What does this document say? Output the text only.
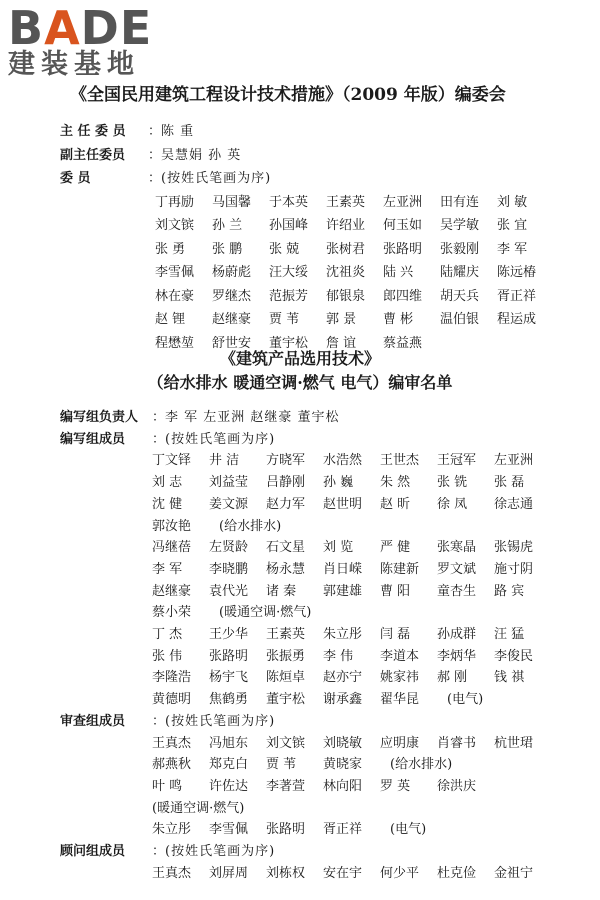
BADE
建装基地
《全国民用建筑工程设计技术措施》（2009 年版）编委会
主 任 委 员	： 陈 重
副主任委员	： 吴慧娟 孙 英
委 员	： (按姓氏笔画为序)
丁再励	马国馨	于本英	王素英	左亚洲	田有连	刘 敏
刘文镔	孙 兰	孙国峰	许绍业	何玉如	吴学敏	张 宜
张 勇	张 鹏	张 兢	张树君	张路明	张毅刚	李 军
李雪佩	杨蔚彪	汪大绥	沈祖炎	陆 兴	陆耀庆	陈远椿
林在豪	罗继杰	范振芳	郁银泉	郎四维	胡天兵	胥正祥
赵 锂	赵继豪	贾 苇	郭 景	曹 彬	温伯银	程运成
程懋堃	舒世安	董宇松	詹 谊	蔡益燕
《建筑产品选用技术》
（给水排水 暖通空调·燃气 电气）编审名单
编写组负责人	： 李 军 左亚洲 赵继豪 董宇松
编写组成员	： (按姓氏笔画为序)
丁文铎	井 洁	方晓军	水浩然	王世杰	王冠军	左亚洲
刘 志	刘益莹	吕静刚	孙 巍	朱 然	张 铣	张 磊
沈 健	姜文源	赵力军	赵世明	赵 昕	徐 凤	徐志通
郭汝艳	(给水排水)
冯继蓓	左贤龄	石文星	刘 览	严 健	张寒晶	张锡虎
李 军	李晓鹏	杨永慧	肖日嵘	陈建新	罗文斌	施寸阴
赵继豪	袁代光	诸 秦	郭建雄	曹 阳	童杏生	路 宾
蔡小荣	(暖通空调·燃气)
丁 杰	王少华	王素英	朱立彤	闫 磊	孙成群	汪 猛
张 伟	张路明	张振勇	李 伟	李道本	李炳华	李俊民
李隆浩	杨宇飞	陈烜卓	赵亦宁	姚家祎	郝 刚	钱 祺
黄德明	焦鹤勇	董宇松	谢承鑫	翟华昆	(电气)
审查组成员	： (按姓氏笔画为序)
王真杰	冯旭东	刘文镔	刘晓敏	应明康	肖睿书	杭世珺
郝燕秋	郑克白	贾 苇	黄晓家	(给水排水)
叶 鸣	许佐达	李著萱	林向阳	罗 英	徐洪庆
(暖通空调·燃气)
朱立彤	李雪佩	张路明	胥正祥	(电气)
顾问组成员	： (按姓氏笔画为序)
王真杰	刘屏周	刘栋权	安在宇	何少平	杜克俭	金祖宁
